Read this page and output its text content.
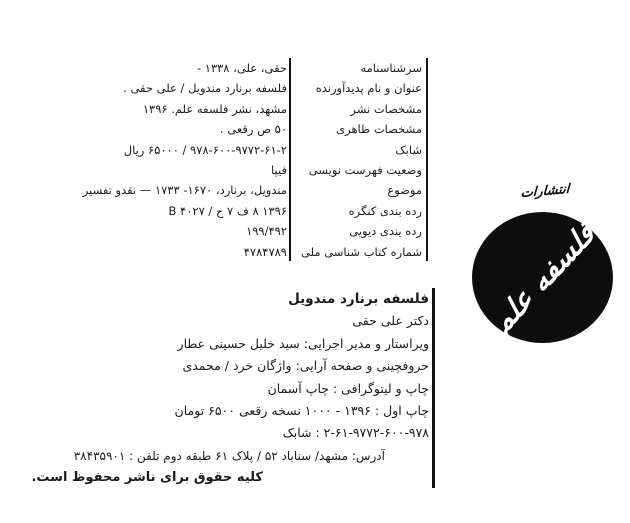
سرشناسنامه
عنوان و نام پدیدآورنده
مشخصات نشر
مشخصات ظاهری
شابک
وضعیت فهرست نویسی
موضوع
رده بندی کنگره
رده بندی دیویی
شماره کتاب شناسی ملی
حقی، علی، ۱۳۳۸ -
فلسفه برنارد مندویل / علی حقی .
مشهد، نشر فلسفه علم. ۱۳۹۶
۵۰ ص رقعی .
۹۷۸-۶۰۰-۹۷۷۲-۶۱-۲ / ۶۵۰۰۰ ریال
فیپا
مندویل، برنارد، ۱۶۷۰- ۱۷۳۳ — نقدو تفسیر
B ۴۰۲۷ / ‎ح‎ ۷ ‎ف‎ ۸ ۱۳۹۶
۱۹۹/۴۹۲
۴۷۸۴۷۸۹
انتشارات
فلسفه علم
فلسفه برنارد مندویل
دکتر علی حقی
ویراستار و مدیر اجرایی: سید خلیل حسینی عطار
حروفچینی و صفحه آرایی: واژگان خرد / محمدی
چاپ و لیتوگرافی : چاپ آسمان
چاپ اول : ۱۳۹۶ - ۱۰۰۰ نسخه رقعی ۶۵۰۰ تومان
شابک‎ : ۲-۶۱-۹۷۷۲-۶۰۰-۹۷۸
آدرس: مشهد/ سناباد ۵۲ / پلاک ۶۱ طبقه دوم تلفن : ۳۸۴۳۵۹۰۱
کلیه حقوق برای ناشر محفوظ است.
